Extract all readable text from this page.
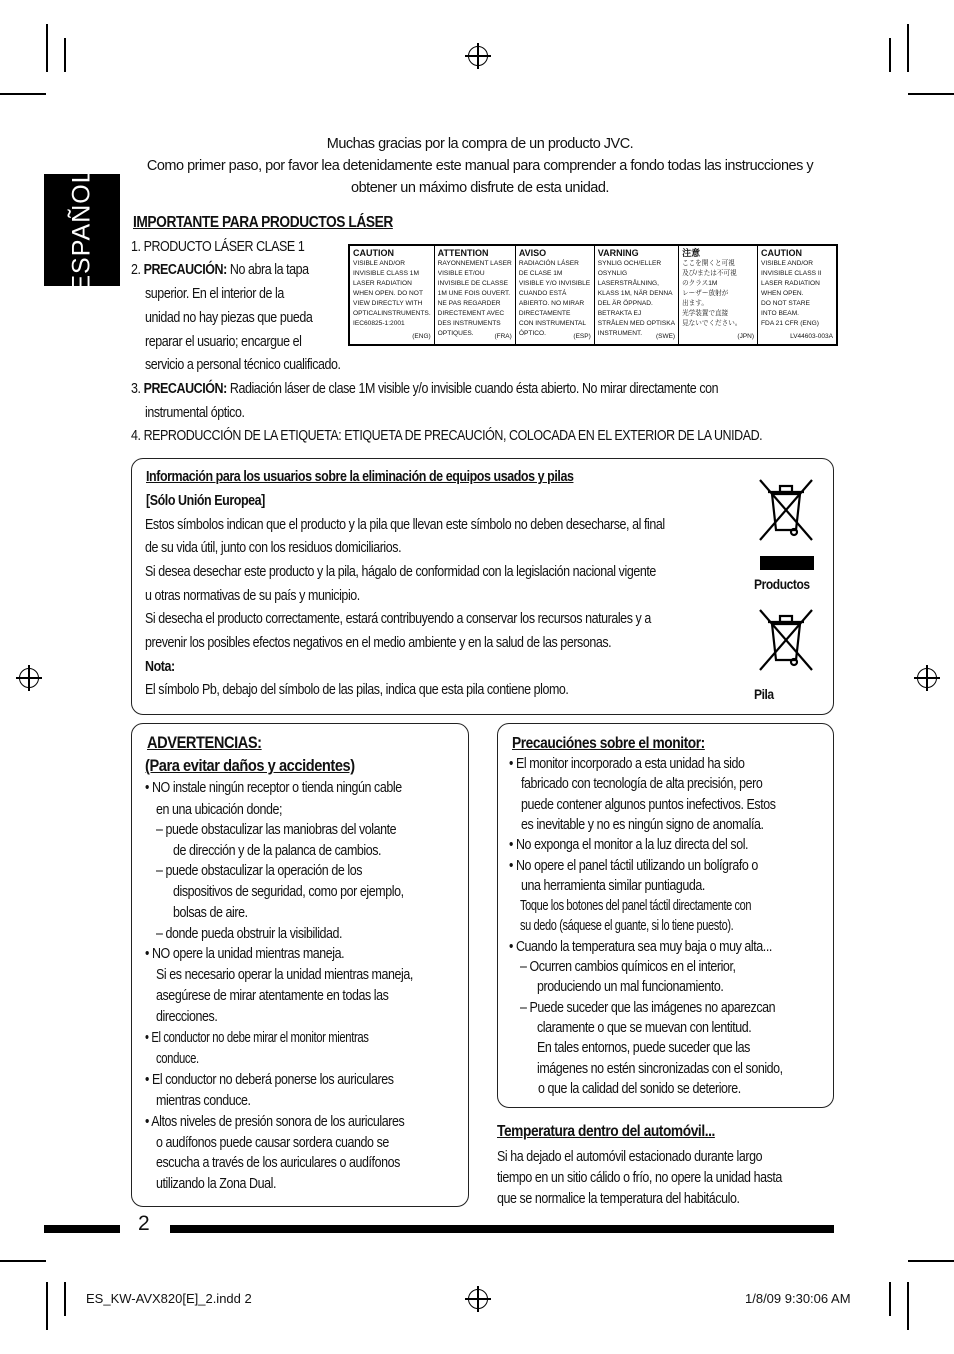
Muchas gracias por la compra de un producto JVC.
Como primer paso, por favor lea detenidamente este manual para comprender a fondo todas las instrucciones y
obtener un máximo disfrute de esta unidad.
ESPAÑOL IMPORTANTE PARA PRODUCTOS LÁSER
1. PRODUCTO LÁSER CLASE 1
2. PRECAUCIÓN: No abra la tapa
superior. En el interior de la
unidad no hay piezas que pueda
reparar el usuario; encargue el
servicio a personal técnico cualificado.
3. PRECAUCIÓN: Radiación láser de clase 1M visible y/o invisible cuando ésta abierto. No mirar directamente con
instrumental óptico.
4. REPRODUCCIÓN DE LA ETIQUETA: ETIQUETA DE PRECAUCIÓN, COLOCADA EN EL EXTERIOR DE LA UNIDAD.
CAUTION
VISIBLE AND/OR
INVISIBLE CLASS 1M
LASER RADIATION
WHEN OPEN. DO NOT
VIEW DIRECTLY WITH
OPTICALINSTRUMENTS.
IEC60825-1:2001
(ENG)
ATTENTION
RAYONNEMENT LASER
VISIBLE ET/OU
INVISIBLE DE CLASSE
1M UNE FOIS OUVERT.
NE PAS REGARDER
DIRECTEMENT AVEC
DES INSTRUMENTS
OPTIQUES.	(FRA)
AVISO
RADIACIÓN LÁSER
DE CLASE 1M
VISIBLE Y/O INVISIBLE
CUANDO ESTÁ
ABIERTO. NO MIRAR
DIRECTAMENTE
CON INSTRUMENTAL
ÓPTICO.	(ESP)
VARNING
SYNLIG OCH/ELLER
OSYNLIG
LASERSTRÅLNING,
KLASS 1M, NÄR DENNA
DEL ÄR ÖPPNAD.
BETRAKTA EJ
STRÅLEN MED OPTISKA
INSTRUMENT.	(SWE)
注意
ここを開くと可視
及び/または不可視
のクラス1M
レーザー放射が
出ます。
光学装置で直接
見ないでください。
(JPN)
CAUTION
VISIBLE AND/OR
INVISIBLE CLASS II
LASER RADIATION
WHEN OPEN.
DO NOT STARE
INTO BEAM.
FDA 21 CFR (ENG)
LV44603-003A
Información para los usuarios sobre la eliminación de equipos usados y pilas
[Sólo Unión Europea]
Estos símbolos indican que el producto y la pila que llevan este símbolo no deben desecharse, al final
de su vida útil, junto con los residuos domiciliarios.
Si desea desechar este producto y la pila, hágalo de conformidad con la legislación nacional vigente
u otras normativas de su país y municipio.
Si desecha el producto correctamente, estará contribuyendo a conservar los recursos naturales y a
prevenir los posibles efectos negativos en el medio ambiente y en la salud de las personas.
Nota:
El símbolo Pb, debajo del símbolo de las pilas, indica que esta pila contiene plomo.
Productos
Pila
ADVERTENCIAS:
(Para evitar daños y accidentes)
• NO instale ningún receptor o tienda ningún cable
en una ubicación donde;
– puede obstaculizar las maniobras del volante
de dirección y de la palanca de cambios.
– puede obstaculizar la operación de los
dispositivos de seguridad, como por ejemplo,
bolsas de aire.
– donde pueda obstruir la visibilidad.
• NO opere la unidad mientras maneja.
Si es necesario operar la unidad mientras maneja,
asegúrese de mirar atentamente en todas las
direcciones.
• El conductor no debe mirar el monitor mientras
conduce.
• El conductor no deberá ponerse los auriculares
mientras conduce.
• Altos niveles de presión sonora de los auriculares
o audífonos puede causar sordera cuando se
escucha a través de los auriculares o audífonos
utilizando la Zona Dual.
Precauciónes sobre el monitor:
• El monitor incorporado a esta unidad ha sido
fabricado con tecnología de alta precisión, pero
puede contener algunos puntos inefectivos. Estos
es inevitable y no es ningún signo de anomalía.
• No exponga el monitor a la luz directa del sol.
• No opere el panel táctil utilizando un bolígrafo o
una herramienta similar puntiaguda.
Toque los botones del panel táctil directamente con
su dedo (sáquese el guante, si lo tiene puesto).
• Cuando la temperatura sea muy baja o muy alta...
– Ocurren cambios químicos en el interior,
produciendo un mal funcionamiento.
– Puede suceder que las imágenes no aparezcan
claramente o que se muevan con lentitud.
En tales entornos, puede suceder que las
imágenes no estén sincronizadas con el sonido,
o que la calidad del sonido se deteriore.
Temperatura dentro del automóvil...
Si ha dejado el automóvil estacionado durante largo
tiempo en un sitio cálido o frío, no opere la unidad hasta
que se normalice la temperatura del habitáculo.
2
ES_KW-AVX820[E]_2.indd 2	1/8/09 9:30:06 AM
